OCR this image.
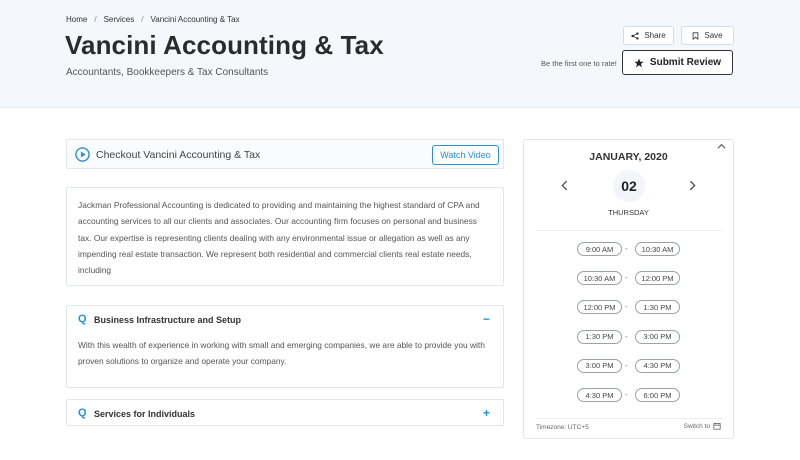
Home / Services / Vancini Accounting & Tax
Vancini Accounting & Tax
Accountants, Bookkeepers & Tax Consultants
Share	Save
Be the first one to rate!	Submit Review
Checkout Vancini Accounting & Tax	Watch Video

Jackman Professional Accounting is dedicated to providing and maintaining the highest standard of CPA and accounting services to all our clients and associates. Our accounting firm focuses on personal and business tax. Our expertise is representing clients dealing with any environmental issue or allegation as well as any impending real estate transaction. We represent both residential and commercial clients real estate needs, including

Q Business Infrastructure and Setup	−
With this wealth of experience in working with small and emerging companies, we are able to provide you with proven solutions to organize and operate your company.
Q Services for Individuals	+
JANUARY, 2020
02
THURSDAY
9:00 AM	-	10:30 AM
10:30 AM	-	12:00 PM
12:00 PM	-	1:30 PM
1:30 PM	-	3:00 PM
3:00 PM	-	4:30 PM
4:30 PM	-	6:00 PM
Timezone: UTC+5	Switch to
